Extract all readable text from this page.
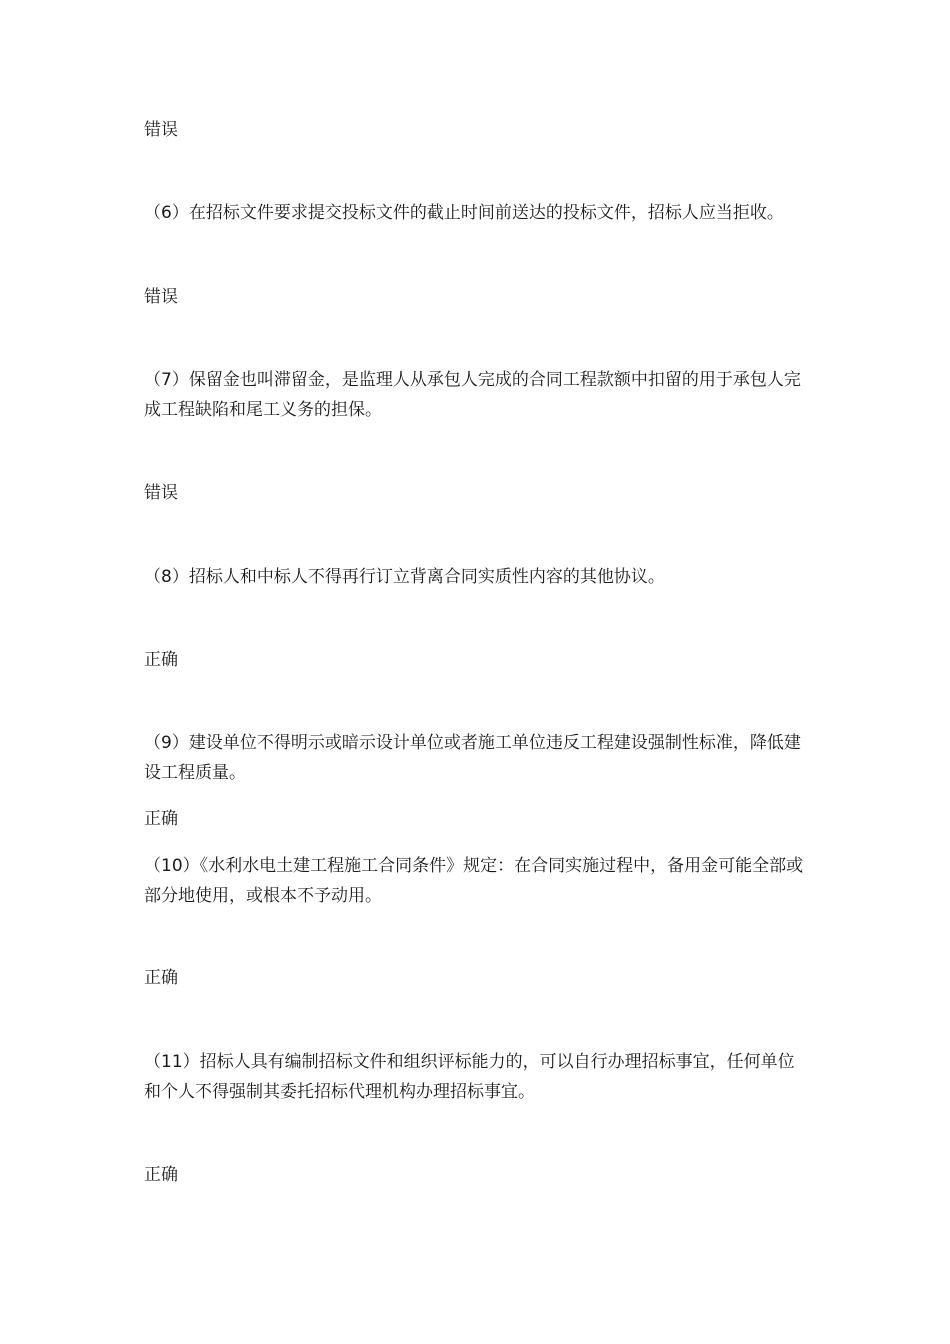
错误
（6）在招标文件要求提交投标文件的截止时间前送达的投标文件，招标人应当拒收。
错误
（7）保留金也叫滞留金，是监理人从承包人完成的合同工程款额中扣留的用于承包人完成工程缺陷和尾工义务的担保。
错误
（8）招标人和中标人不得再行订立背离合同实质性内容的其他协议。
正确
（9）建设单位不得明示或暗示设计单位或者施工单位违反工程建设强制性标准，降低建设工程质量。
正确
（10）《水利水电土建工程施工合同条件》规定：在合同实施过程中，备用金可能全部或部分地使用，或根本不予动用。
正确
（11）招标人具有编制招标文件和组织评标能力的，可以自行办理招标事宜，任何单位和个人不得强制其委托招标代理机构办理招标事宜。
正确
